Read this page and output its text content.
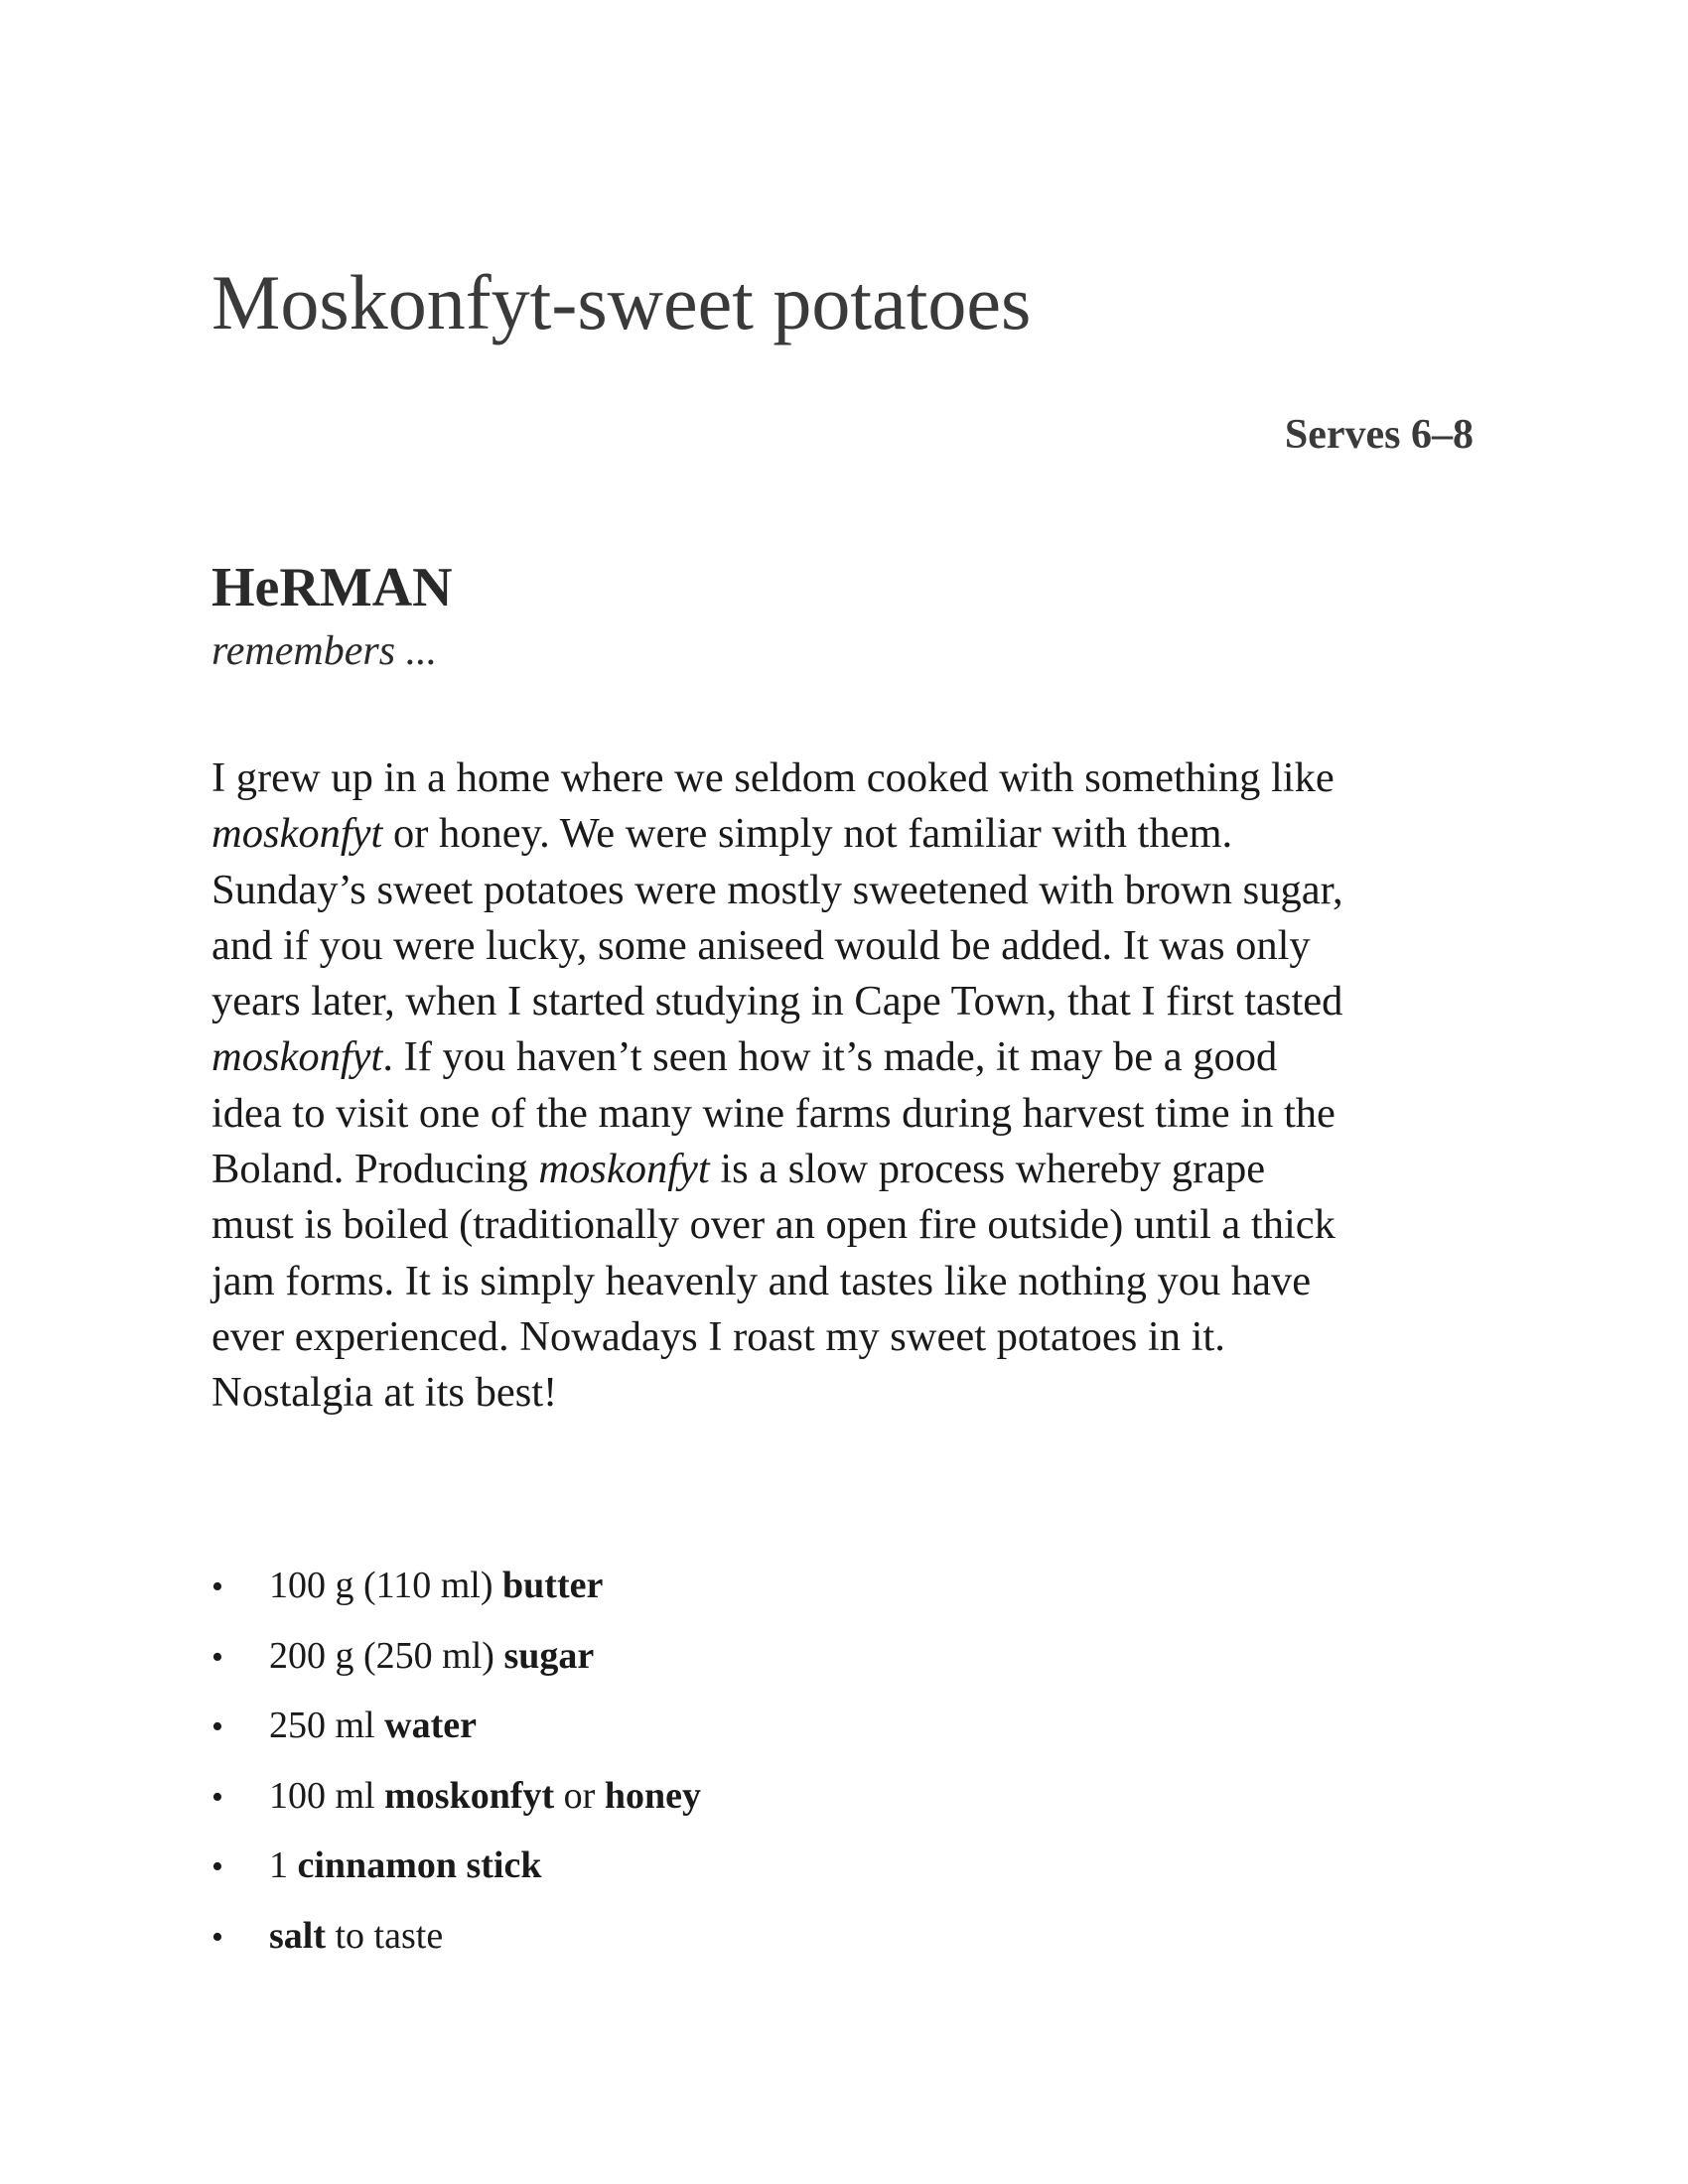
Moskonfyt-sweet potatoes
Serves 6–8
HeRMAN
remembers ...

I grew up in a home where we seldom cooked with something like
moskonfyt or honey. We were simply not familiar with them.
Sunday’s sweet potatoes were mostly sweetened with brown sugar,
and if you were lucky, some aniseed would be added. It was only
years later, when I started studying in Cape Town, that I first tasted
moskonfyt. If you haven’t seen how it’s made, it may be a good
idea to visit one of the many wine farms during harvest time in the
Boland. Producing moskonfyt is a slow process whereby grape
must is boiled (traditionally over an open fire outside) until a thick
jam forms. It is simply heavenly and tastes like nothing you have
ever experienced. Nowadays I roast my sweet potatoes in it.
Nostalgia at its best!

• 100 g (110 ml) butter
• 200 g (250 ml) sugar
• 250 ml water
• 100 ml moskonfyt or honey
• 1 cinnamon stick
• salt to taste
